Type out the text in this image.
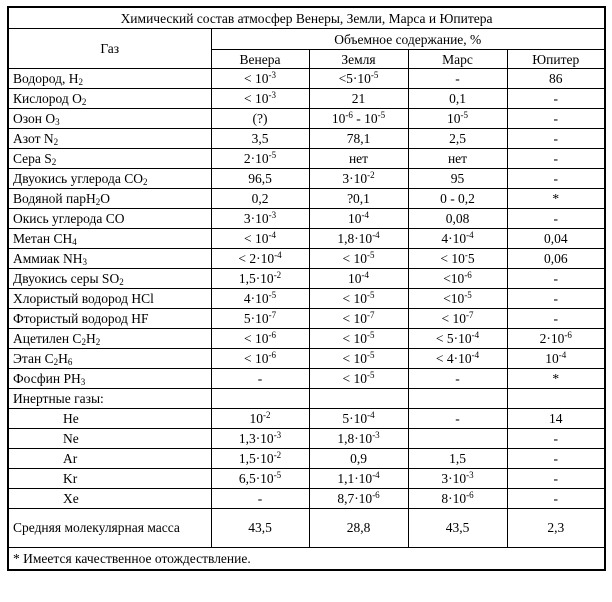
Химический состав атмосфер Венеры, Земли, Марса и Юпитера				
Газ	Объемное содержание, %			
	Венера	Земля	Марс	Юпитер
Водород, $H_2$	< $10^{-3}$	$<5\cdot 10^{-5}$	-	86
Кислород $O_2$	< $10^{-3}$	21	0,1	-
Озон $O_3$	(?)	$10^{-6} - 10^{-5}$	$10^{-5}$	-
Азот $N_2$	3,5	78,1	2,5	-
Сера $S_2$	$2\cdot 10^{-5}$	нет	нет	-
Двуокись углерода $CO_2$	96,5	$3\cdot 10^{-2}$	95	-
Водяной парH$_2$O	0,2	?0,1	0 - 0,2	*
Окись углерода CO	$3\cdot 10^{-3}$	$10^{-4}$	0,08	-
Метан $CH_4$	< $10^{-4}$	$1,8\cdot 10^{-4}$	$4\cdot 10^{-4}$	0,04
Аммиак $NH_3$	< $2\cdot 10^{-4}$	< $10^{-5}$	< 10-5	0,06
Двуокись серы $SO_2$	$1,5\cdot 10^{-2}$	$10^{-4}$	$<10^{-6}$	-
Хлористый водород HCl	$4\cdot 10^{-5}$	< $10^{-5}$	$<10^{-5}$	-
Фтористый водород HF	$5\cdot 10^{-7}$	< $10^{-7}$	< $10^{-7}$	-
Ацетилен $C_2H_2$	< $10^{-6}$	< $10^{-5}$	< $5\cdot 10^{-4}$	$2\cdot 10^{-6}$
Этан $C_2H_6$	< $10^{-6}$	< $10^{-5}$	< $4\cdot 10^{-4}$	$10^{-4}$
Фосфин $PH_3$	-	< $10^{-5}$	-	*
Инертные газы:				
He	$10^{-2}$	$5\cdot 10^{-4}$	-	14
Ne	$1,3\cdot 10^{-3}$	$1,8\cdot 10^{-3}$		-
Ar	$1,5\cdot 10^{-2}$	0,9	1,5	-
Kr	$6,5\cdot 10^{-5}$	$1,1\cdot 10^{-4}$	$3\cdot 10^{-3}$	-
Xe	-	$8,7\cdot 10^{-6}$	$8\cdot 10^{-6}$	-
Средняя молекулярная масса	43,5	28,8	43,5	2,3
* Имеется качественное отождествление.				
